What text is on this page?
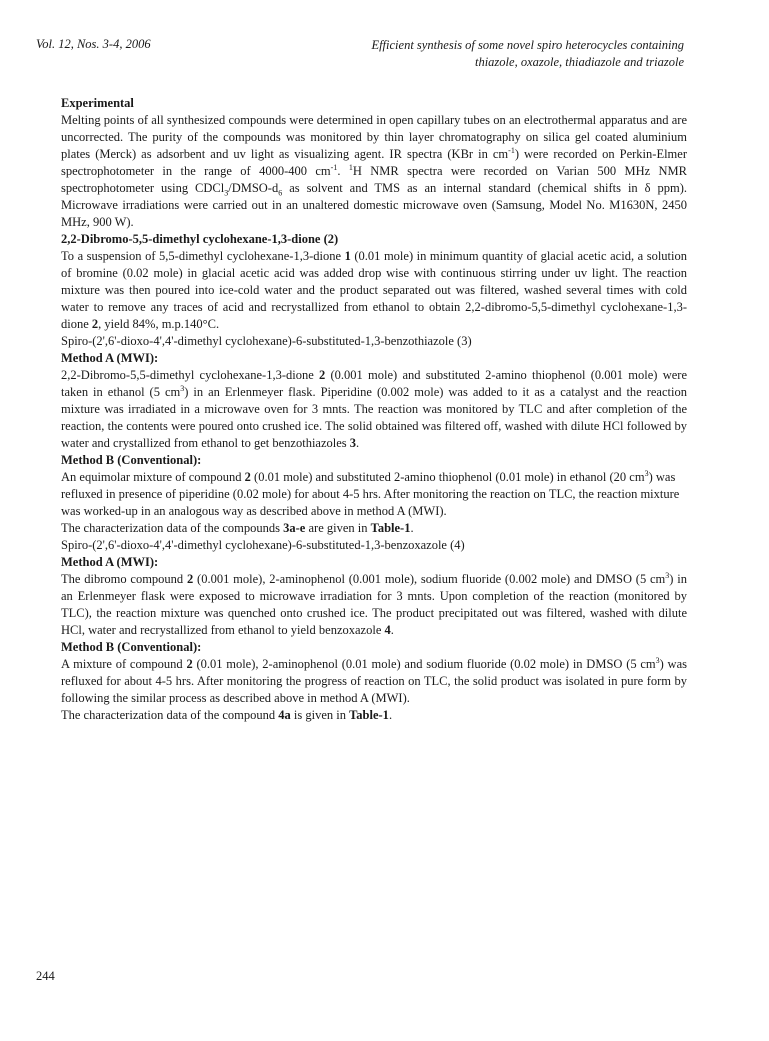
Vol. 12, Nos. 3-4, 2006	Efficient synthesis of some novel spiro heterocycles containing
thiazole, oxazole, thiadiazole and triazole

Experimental

Melting points of all synthesized compounds were determined in open capillary tubes on an electrothermal apparatus and are uncorrected. The purity of the compounds was monitored by thin layer chromatography on silica gel coated aluminium plates (Merck) as adsorbent and uv light as visualizing agent. IR spectra (KBr in $cm^{-1}$) were recorded on Perkin-Elmer spectrophotometer in the range of 4000-400 $cm^{-1}$. $^1$H NMR spectra were recorded on Varian 500 MHz NMR spectrophotometer using $CDCl_3/DMSO-d_6$ as solvent and TMS as an internal standard (chemical shifts in δ ppm). Microwave irradiations were carried out in an unaltered domestic microwave oven (Samsung, Model No. M1630N, 2450 MHz, 900 W).

2,2-Dibromo-5,5-dimethyl cyclohexane-1,3-dione (2)

To a suspension of 5,5-dimethyl cyclohexane-1,3-dione 1 (0.01 mole) in minimum quantity of glacial acetic acid, a solution of bromine (0.02 mole) in glacial acetic acid was added drop wise with continuous stirring under uv light. The reaction mixture was then poured into ice-cold water and the product separated out was filtered, washed several times with cold water to remove any traces of acid and recrystallized from ethanol to obtain 2,2-dibromo-5,5-dimethyl cyclohexane-1,3-dione 2, yield 84%, m.p.140°C.

Spiro-(2',6'-dioxo-4',4'-dimethyl cyclohexane)-6-substituted-1,3-benzothiazole (3)

Method A (MWI):

2,2-Dibromo-5,5-dimethyl cyclohexane-1,3-dione 2 (0.001 mole) and substituted 2-amino thiophenol (0.001 mole) were taken in ethanol (5 $cm^3$) in an Erlenmeyer flask. Piperidine (0.002 mole) was added to it as a catalyst and the reaction mixture was irradiated in a microwave oven for 3 mnts. The reaction was monitored by TLC and after completion of the reaction, the contents were poured onto crushed ice. The solid obtained was filtered off, washed with dilute HCl followed by water and crystallized from ethanol to get benzothiazoles 3.

Method B (Conventional):

An equimolar mixture of compound 2 (0.01 mole) and substituted 2-amino thiophenol (0.01 mole) in ethanol (20 $cm^3$) was refluxed in presence of piperidine (0.02 mole) for about 4-5 hrs. After monitoring the reaction on TLC, the reaction mixture was worked-up in an analogous way as described above in method A (MWI).

The characterization data of the compounds 3a-e are given in Table-1.

Spiro-(2',6'-dioxo-4',4'-dimethyl cyclohexane)-6-substituted-1,3-benzoxazole (4)

Method A (MWI):

The dibromo compound 2 (0.001 mole), 2-aminophenol (0.001 mole), sodium fluoride (0.002 mole) and DMSO (5 $cm^3$) in an Erlenmeyer flask were exposed to microwave irradiation for 3 mnts. Upon completion of the reaction (monitored by TLC), the reaction mixture was quenched onto crushed ice. The product precipitated out was filtered, washed with dilute HCl, water and recrystallized from ethanol to yield benzoxazole 4.

Method B (Conventional):

A mixture of compound 2 (0.01 mole), 2-aminophenol (0.01 mole) and sodium fluoride (0.02 mole) in DMSO (5 $cm^3$) was refluxed for about 4-5 hrs. After monitoring the progress of reaction on TLC, the solid product was isolated in pure form by following the similar process as described above in method A (MWI).

The characterization data of the compound 4a is given in Table-1.

244
